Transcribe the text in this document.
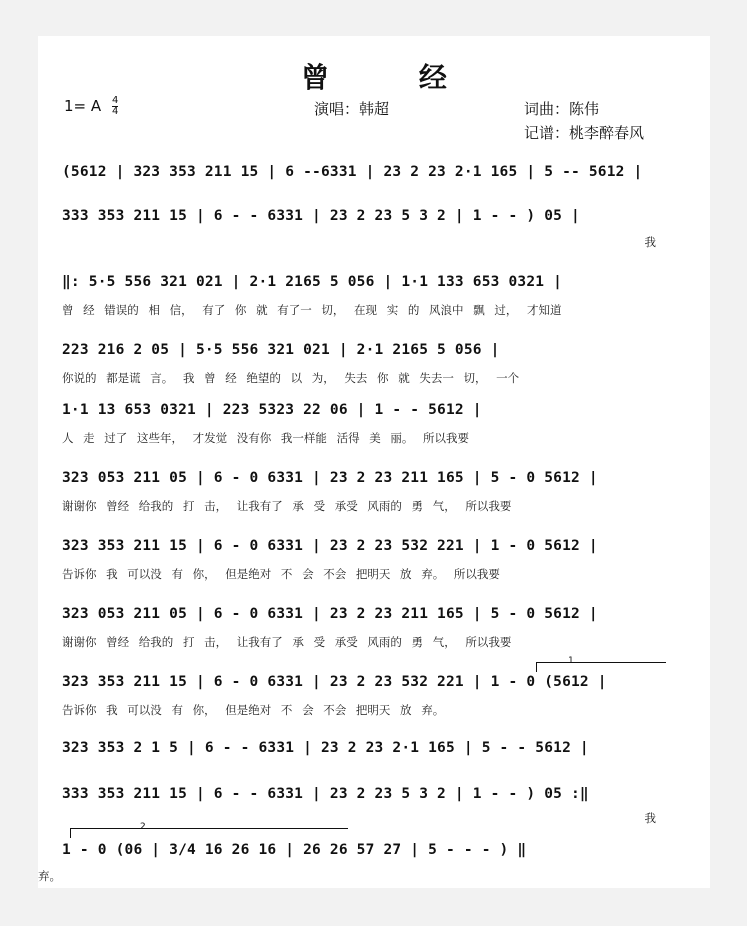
曾 经
1= A $\frac{4}{4}$	演唱：韩超	词曲：陈伟
记谱：桃李醉春风
(5612 | 323 353 211 15 | 6 --6331 | 23 2 23 2·1 165 | 5 -- 5612 |
333 353 211 15 | 6 - - 6331 | 23 2 23 5 3 2 | 1 - - ) 05 |
我
‖: 5·5 556 321 021 | 2·1 2165 5 056 | 1·1 133 653 0321 |
曾 经 错误的 相 信， 有了 你 就 有了一 切， 在现 实 的 风浪中 飘 过， 才知道
223 216 2 05 | 5·5 556 321 021 | 2·1 2165 5 056 |
你说的 都是谎 言。 我 曾 经 绝望的 以 为， 失去 你 就 失去一 切， 一个
1·1 13 653 0321 | 223 5323 22 06 | 1 - - 5612 |
人 走 过了 这些年， 才发觉 没有你 我一样能 活得 美 丽。 所以我要
323 053 211 05 | 6 - 0 6331 | 23 2 23 211 165 | 5 - 0 5612 |
谢谢你 曾经 给我的 打 击， 让我有了 承 受 承受 风雨的 勇 气， 所以我要
323 353 211 15 | 6 - 0 6331 | 23 2 23 532 221 | 1 - 0 5612 |
告诉你 我 可以没 有 你， 但是绝对 不 会 不会 把明天 放 弃。 所以我要
323 053 211 05 | 6 - 0 6331 | 23 2 23 211 165 | 5 - 0 5612 |
谢谢你 曾经 给我的 打 击， 让我有了 承 受 承受 风雨的 勇 气， 所以我要
1
323 353 211 15 | 6 - 0 6331 | 23 2 23 532 221 | 1 - 0 (5612 |
告诉你 我 可以没 有 你， 但是绝对 不 会 不会 把明天 放 弃。
323 353 2 1 5 | 6 - - 6331 | 23 2 23 2·1 165 | 5 - - 5612 |
333 353 211 15 | 6 - - 6331 | 23 2 23 5 3 2 | 1 - - ) 05 :‖
我
2
1 - 0 (06 | 3/4 16 26 16 | 26 26 57 27 | 5 - - - ) ‖
弃。
